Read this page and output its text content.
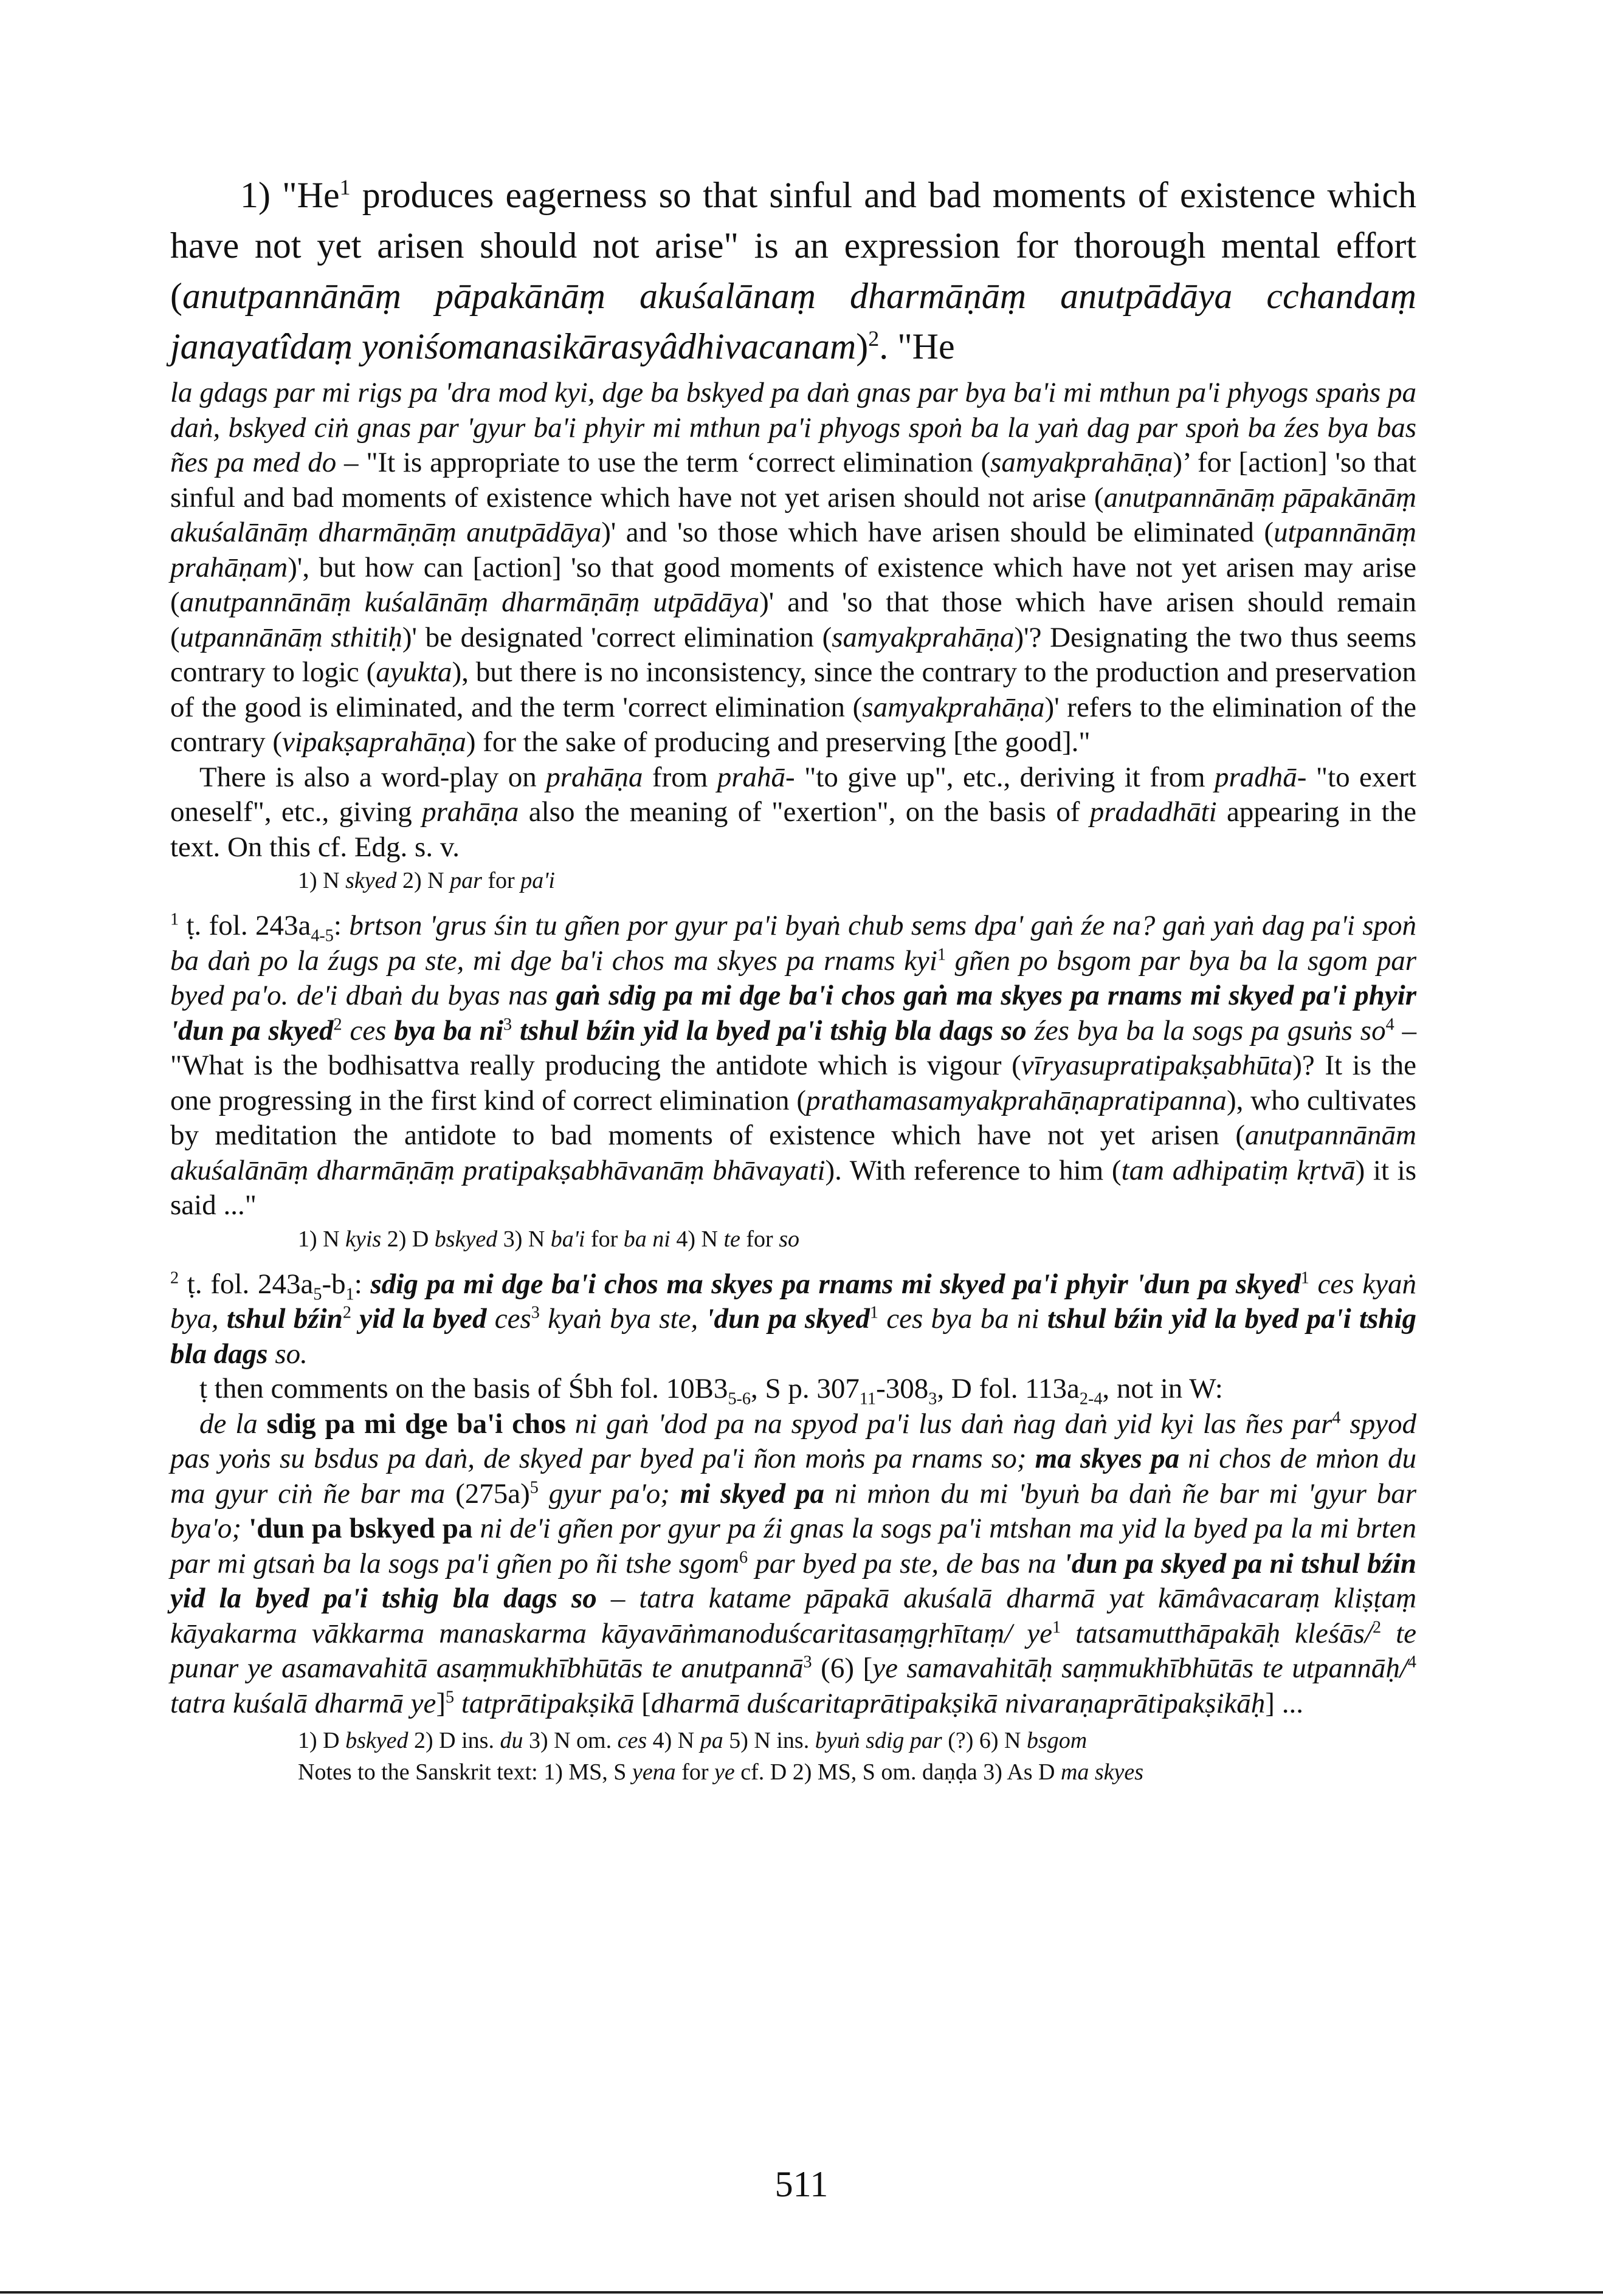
1) "He$^1$ produces eagerness so that sinful and bad moments of existence which have not yet arisen should not arise" is an expression for thorough mental effort (anutpannānāṃ pāpakānāṃ akuśalānaṃ dharmāṇāṃ anutpādāya cchandaṃ janayatîdaṃ yoniśomanasikārasyâdhivacanam)$^2$. "He

la gdags par mi rigs pa 'dra mod kyi, dge ba bskyed pa daṅ gnas par bya ba'i mi mthun pa'i phyogs spaṅs pa daṅ, bskyed ciṅ gnas par 'gyur ba'i phyir mi mthun pa'i phyogs spoṅ ba la yaṅ dag par spoṅ ba źes bya bas ñes pa med do – "It is appropriate to use the term ‘correct elimination (samyakprahāṇa)’ for [action] 'so that sinful and bad moments of existence which have not yet arisen should not arise (anutpannānāṃ pāpakānāṃ akuśalānāṃ dharmāṇāṃ anutpādāya)' and 'so those which have arisen should be eliminated (utpannānāṃ prahāṇam)', but how can [action] 'so that good moments of existence which have not yet arisen may arise (anutpannānāṃ kuśalānāṃ dharmāṇāṃ utpādāya)' and 'so that those which have arisen should remain (utpannānāṃ sthitiḥ)' be designated 'correct elimination (samyakprahāṇa)'? Designating the two thus seems contrary to logic (ayukta), but there is no inconsistency, since the contrary to the production and preservation of the good is eliminated, and the term 'correct elimination (samyakprahāṇa)' refers to the elimination of the contrary (vipakṣaprahāṇa) for the sake of producing and preserving [the good]."

There is also a word-play on prahāṇa from prahā- "to give up", etc., deriving it from pradhā- "to exert oneself", etc., giving prahāṇa also the meaning of "exertion", on the basis of pradadhāti appearing in the text. On this cf. Edg. s. v.

1) N skyed 2) N par for pa'i

$^1$ ṭ. fol. $243a_{4-5}$: brtson 'grus śin tu gñen por gyur pa'i byaṅ chub sems dpa' gaṅ źe na? gaṅ yaṅ dag pa'i spoṅ ba daṅ po la źugs pa ste, mi dge ba'i chos ma skyes pa rnams kyi$^1$ gñen po bsgom par bya ba la sgom par byed pa'o. de'i dbaṅ du byas nas gaṅ sdig pa mi dge ba'i chos gaṅ ma skyes pa rnams mi skyed pa'i phyir 'dun pa skyed$^2$ ces bya ba $ni^3$ tshul bźin yid la byed pa'i tshig bla dags so źes bya ba la sogs pa gsuṅs $so^4$ – "What is the bodhisattva really producing the antidote which is vigour (vīryasupratipakṣabhūta)? It is the one progressing in the first kind of correct elimination (prathamasamyakprahāṇapratipanna), who cultivates by meditation the antidote to bad moments of existence which have not yet arisen (anutpannānām akuśalānāṃ dharmāṇāṃ pratipakṣabhāvanāṃ bhāvayati). With reference to him (tam adhipatiṃ kṛtvā) it is said ..."

1) N kyis 2) D bskyed 3) N ba'i for ba ni 4) N te for so

$^2$ ṭ. fol. $243a_5-b_1$: sdig pa mi dge ba'i chos ma skyes pa rnams mi skyed pa'i phyir 'dun pa skyed$^1$ ces kyaṅ bya, tshul bźin$^2$ yid la byed ces$^3$ kyaṅ bya ste, 'dun pa skyed$^1$ ces bya ba ni tshul bźin yid la byed pa'i tshig bla dags so.

ṭ then comments on the basis of Śbh fol. $10B3_{5-6}$, S p. $307_{11}-308_3$, D fol. $113a_{2-4}$, not in W:

de la sdig pa mi dge ba'i chos ni gaṅ 'dod pa na spyod pa'i lus daṅ ṅag daṅ yid kyi las ñes par$^4$ spyod pas yoṅs su bsdus pa daṅ, de skyed par byed pa'i ñon moṅs pa rnams so; ma skyes pa ni chos de mṅon du ma gyur ciṅ ñe bar ma $(275a)^5$ gyur pa'o; mi skyed pa ni mṅon du mi 'byuṅ ba daṅ ñe bar mi 'gyur bar bya'o; 'dun pa bskyed pa ni de'i gñen por gyur pa źi gnas la sogs pa'i mtshan ma yid la byed pa la mi brten par mi gtsaṅ ba la sogs pa'i gñen po ñi tshe sgom$^6$ par byed pa ste, de bas na 'dun pa skyed pa ni tshul bźin yid la byed pa'i tshig bla dags so – tatra katame pāpakā akuśalā dharmā yat kāmâvacaraṃ kliṣṭaṃ kāyakarma vākkarma manaskarma kāyavāṅmanoduścaritasaṃgṛhītaṃ/ $ye^1$ tatsamutthāpakāḥ kleśās/$^2$ te punar ye asamavahitā asaṃmukhībhūtās te anutpannā$^3$ (6) [ye samavahitāḥ saṃmukhībhūtās te utpannāḥ/$^4$ tatra kuśalā dharmā ye]$^5$ tatprātipakṣikā [dharmā duścaritaprātipakṣikā nivaraṇaprātipakṣikāḥ] ...

1) D bskyed 2) D ins. du 3) N om. ces 4) N pa 5) N ins. byuṅ sdig par (?) 6) N bsgom

Notes to the Sanskrit text: 1) MS, S yena for ye cf. D 2) MS, S om. daṇḍa 3) As D ma skyes

511
